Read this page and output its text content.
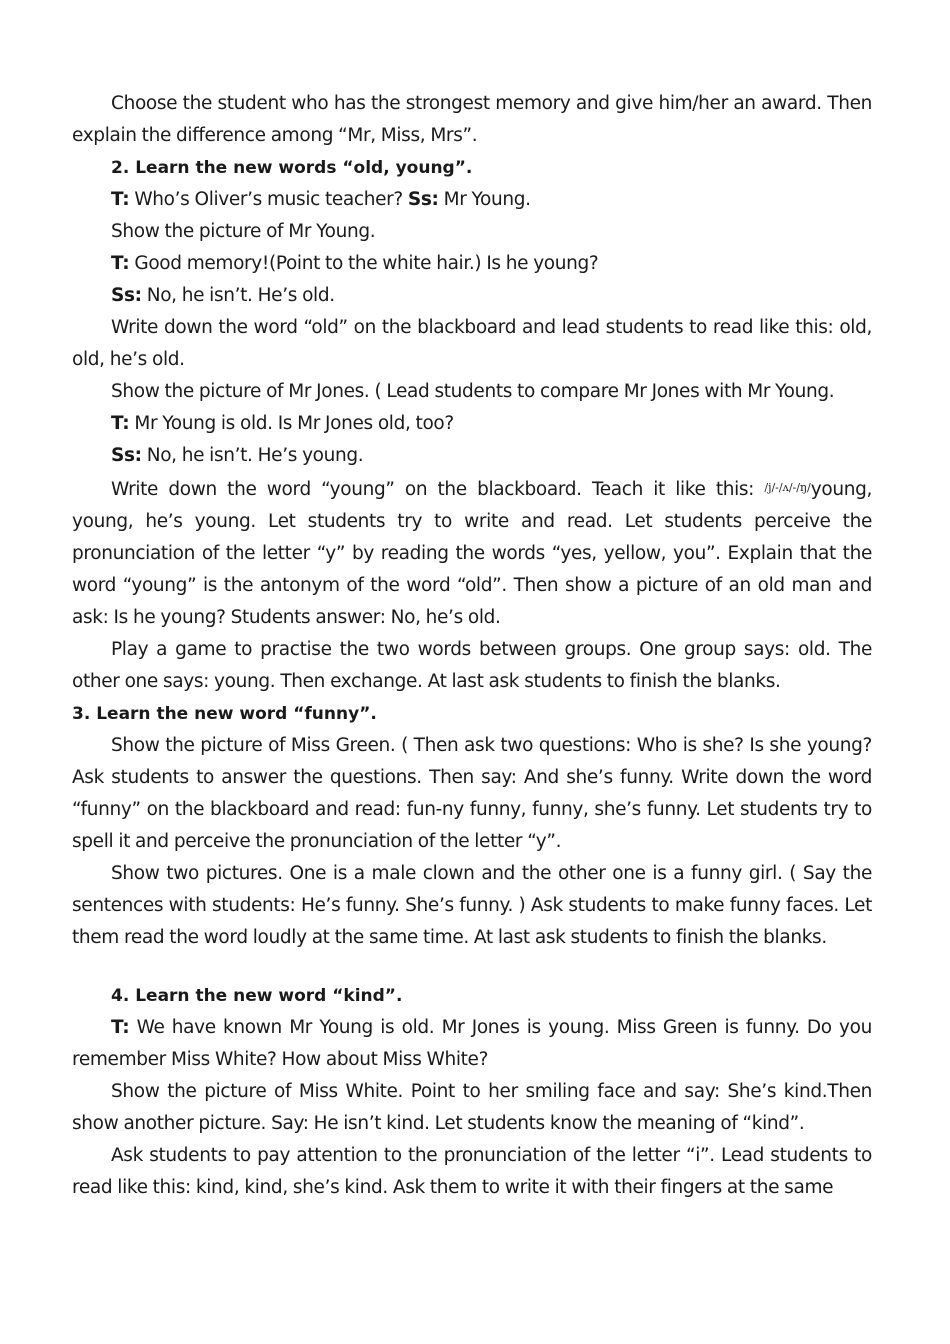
Choose the student who has the strongest memory and give him/her an award. Then explain the difference among “Mr, Miss, Mrs”.

2. Learn the new words “old, young”.

T: Who’s Oliver’s music teacher? Ss: Mr Young.

Show the picture of Mr Young.

T: Good memory!(Point to the white hair.) Is he young?

Ss: No, he isn’t. He’s old.

Write down the word “old” on the blackboard and lead students to read like this: old, old, he’s old.

Show the picture of Mr Jones. ( Lead students to compare Mr Jones with Mr Young.

T: Mr Young is old. Is Mr Jones old, too?

Ss: No, he isn’t. He’s young.

Write down the word “young” on the blackboard. Teach it like this: $^{/j/-/ʌ/-/ŋ/}$young, young, he’s young. Let students try to write and read. Let students perceive the pronunciation of the letter “y” by reading the words “yes, yellow, you”. Explain that the word “young” is the antonym of the word “old”. Then show a picture of an old man and ask: Is he young? Students answer: No, he’s old.

Play a game to practise the two words between groups. One group says: old. The other one says: young. Then exchange. At last ask students to finish the blanks.

3. Learn the new word “funny”.

Show the picture of Miss Green. ( Then ask two questions: Who is she? Is she young? Ask students to answer the questions. Then say: And she’s funny. Write down the word “funny” on the blackboard and read: fun-ny funny, funny, she’s funny. Let students try to spell it and perceive the pronunciation of the letter “y”.

Show two pictures. One is a male clown and the other one is a funny girl. ( Say the sentences with students: He’s funny. She’s funny. ) Ask students to make funny faces. Let them read the word loudly at the same time. At last ask students to finish the blanks.

4. Learn the new word “kind”.

T: We have known Mr Young is old. Mr Jones is young. Miss Green is funny. Do you remember Miss White? How about Miss White?

Show the picture of Miss White. Point to her smiling face and say: She’s kind.Then show another picture. Say: He isn’t kind. Let students know the meaning of “kind”.

Ask students to pay attention to the pronunciation of the letter “i”. Lead students to read like this: kind, kind, she’s kind. Ask them to write it with their fingers at the same
